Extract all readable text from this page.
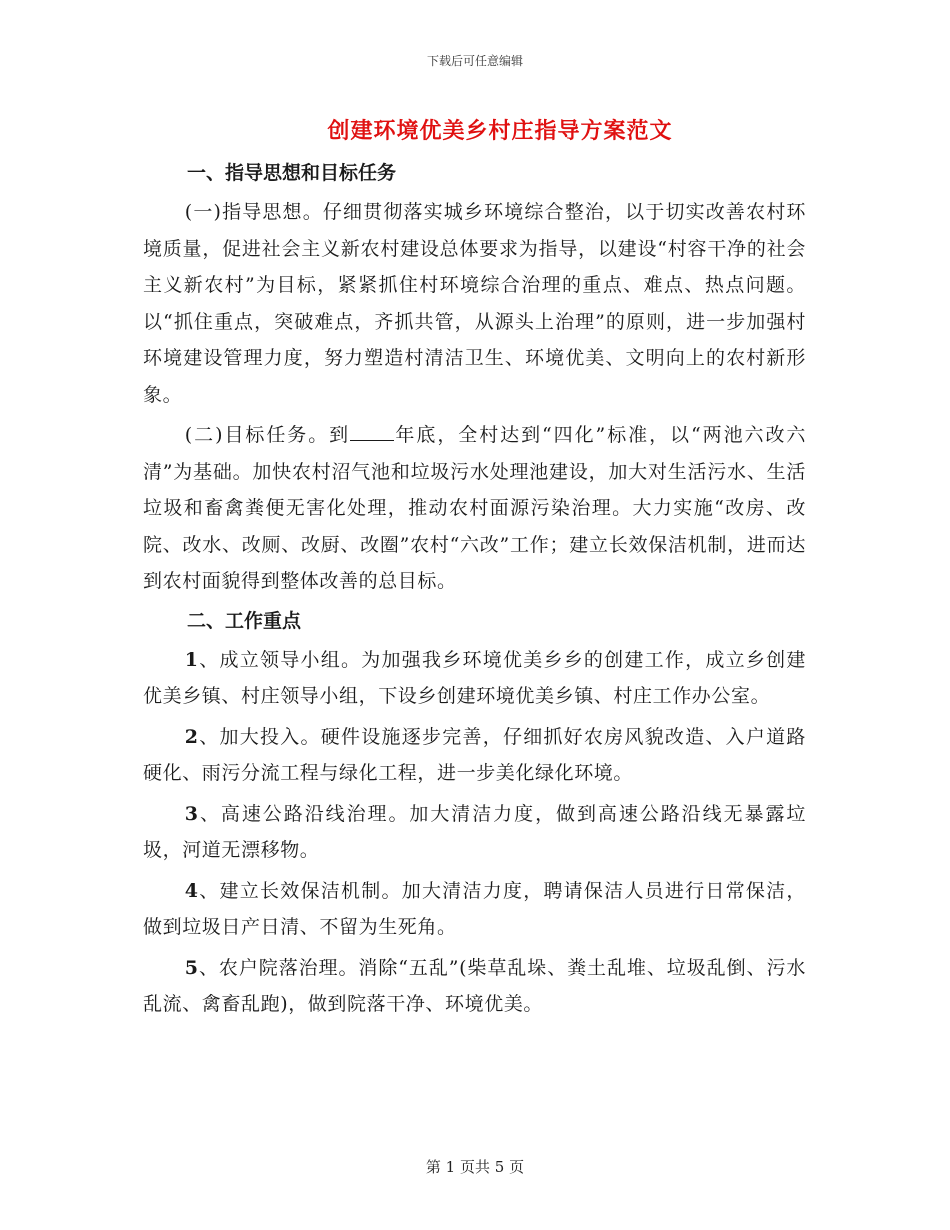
下载后可任意编辑
创建环境优美乡村庄指导方案范文

一、指导思想和目标任务

(一)指导思想。仔细贯彻落实城乡环境综合整治，以于切实改善农村环境质量，促进社会主义新农村建设总体要求为指导，以建设“村容干净的社会主义新农村”为目标，紧紧抓住村环境综合治理的重点、难点、热点问题。以“抓住重点，突破难点，齐抓共管，从源头上治理”的原则，进一步加强村环境建设管理力度，努力塑造村清洁卫生、环境优美、文明向上的农村新形象。

(二)目标任务。到 年底，全村达到“四化”标准，以“两池六改六清”为基础。加快农村沼气池和垃圾污水处理池建设，加大对生活污水、生活垃圾和畜禽粪便无害化处理，推动农村面源污染治理。大力实施“改房、改院、改水、改厕、改厨、改圈”农村“六改”工作；建立长效保洁机制，进而达到农村面貌得到整体改善的总目标。

二、工作重点

1、成立领导小组。为加强我乡环境优美乡乡的创建工作，成立乡创建优美乡镇、村庄领导小组，下设乡创建环境优美乡镇、村庄工作办公室。

2、加大投入。硬件设施逐步完善，仔细抓好农房风貌改造、入户道路硬化、雨污分流工程与绿化工程，进一步美化绿化环境。

3、高速公路沿线治理。加大清洁力度，做到高速公路沿线无暴露垃圾，河道无漂移物。

4、建立长效保洁机制。加大清洁力度，聘请保洁人员进行日常保洁，做到垃圾日产日清、不留为生死角。

5、农户院落治理。消除“五乱”(柴草乱垛、粪土乱堆、垃圾乱倒、污水乱流、禽畜乱跑)，做到院落干净、环境优美。

第 1 页共 5 页
